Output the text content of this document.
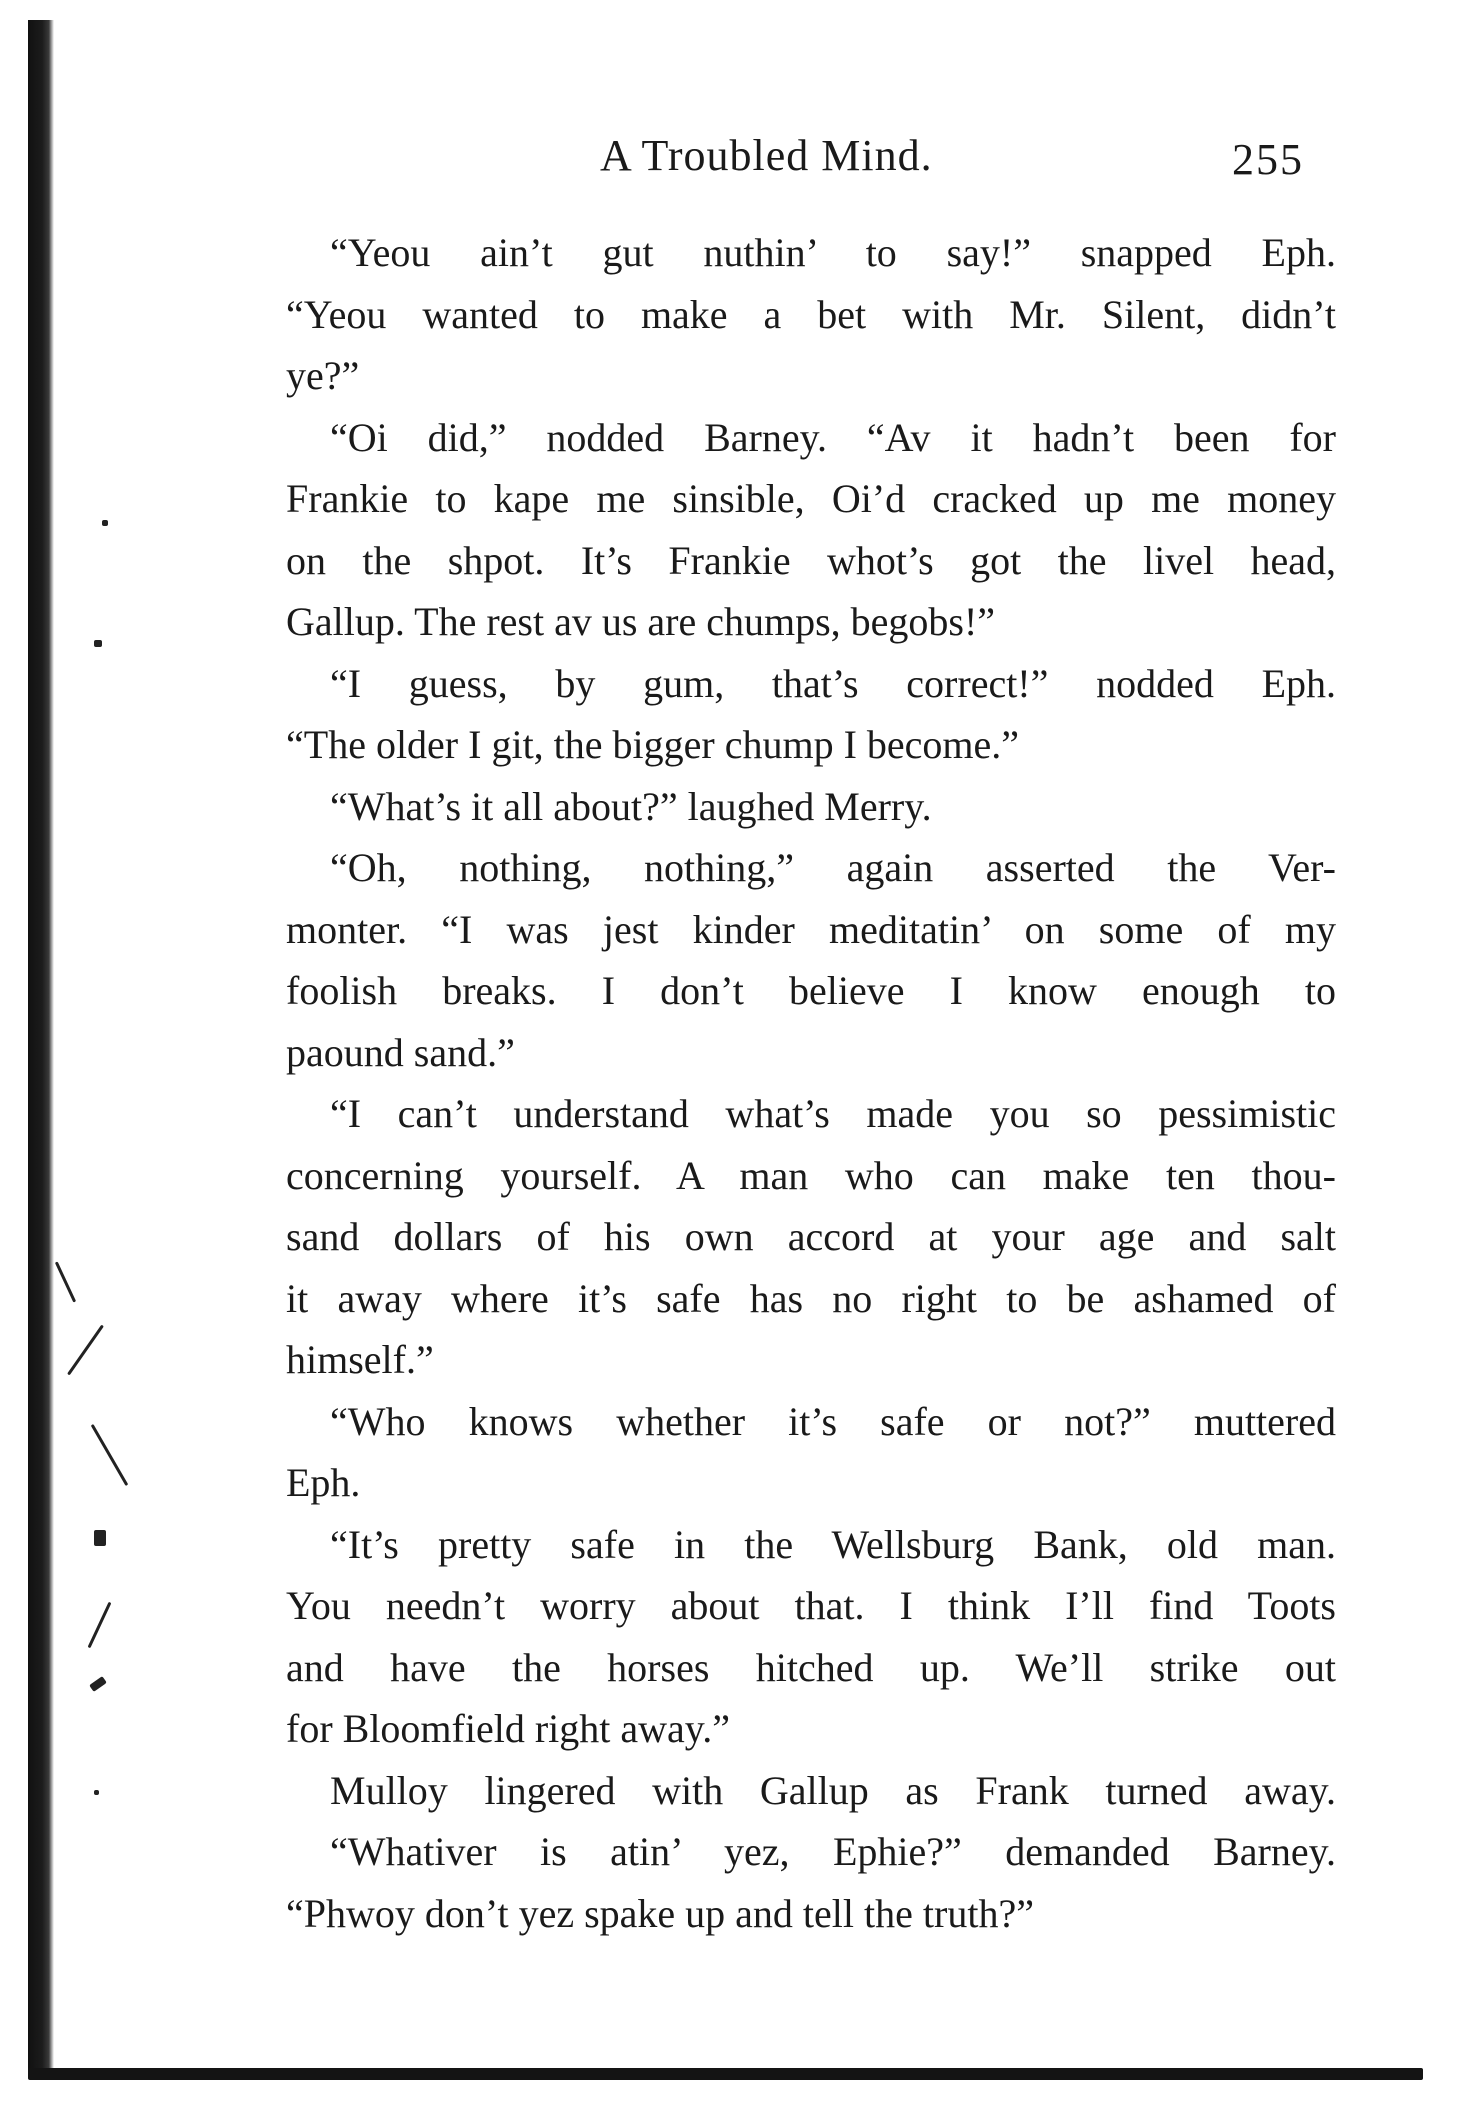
A Troubled Mind.	255
“Yeou ain’t gut nuthin’ to say!” snapped Eph.
“Yeou wanted to make a bet with Mr. Silent, didn’t
ye?”
“Oi did,” nodded Barney. “Av it hadn’t been for
Frankie to kape me sinsible, Oi’d cracked up me money
on the shpot. It’s Frankie whot’s got the livel head,
Gallup. The rest av us are chumps, begobs!”
“I guess, by gum, that’s correct!” nodded Eph.
“The older I git, the bigger chump I become.”
“What’s it all about?” laughed Merry.
“Oh, nothing, nothing,” again asserted the Ver-
monter. “I was jest kinder meditatin’ on some of my
foolish breaks. I don’t believe I know enough to
paound sand.”
“I can’t understand what’s made you so pessimistic
concerning yourself. A man who can make ten thou-
sand dollars of his own accord at your age and salt
it away where it’s safe has no right to be ashamed of
himself.”
“Who knows whether it’s safe or not?” muttered
Eph.
“It’s pretty safe in the Wellsburg Bank, old man.
You needn’t worry about that. I think I’ll find Toots
and have the horses hitched up. We’ll strike out
for Bloomfield right away.”
Mulloy lingered with Gallup as Frank turned away.
“Whativer is atin’ yez, Ephie?” demanded Barney.
“Phwoy don’t yez spake up and tell the truth?”
